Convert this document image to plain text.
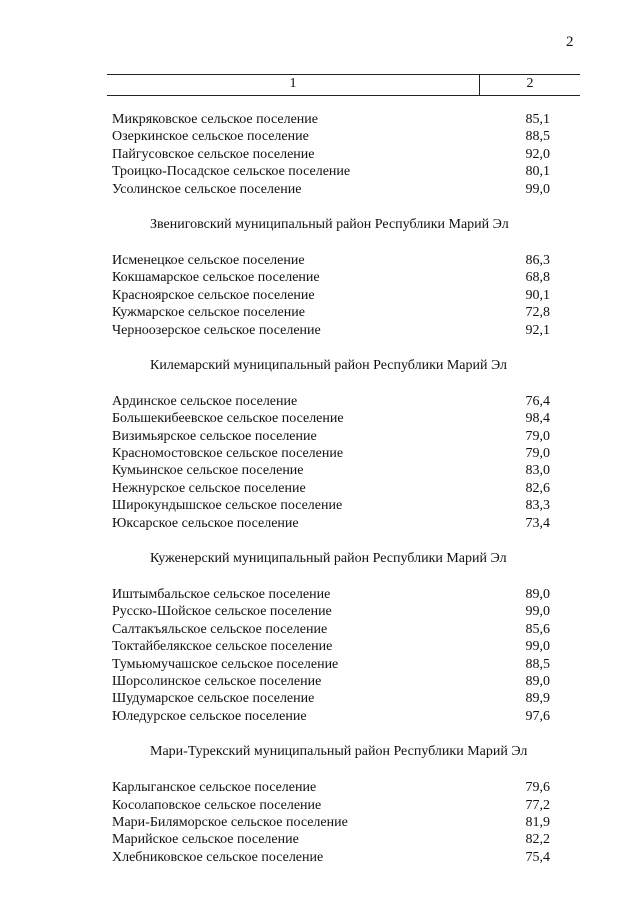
2
1	2
Микряковское сельское поселение	85,1
Озеркинское сельское поселение	88,5
Пайгусовское сельское поселение	92,0
Троицко-Посадское сельское поселение	80,1
Усолинское сельское поселение	99,0
Звениговский муниципальный район Республики Марий Эл
Исменецкое сельское поселение	86,3
Кокшамарское сельское поселение	68,8
Красноярское сельское поселение	90,1
Кужмарское сельское поселение	72,8
Черноозерское сельское поселение	92,1
Килемарский муниципальный район Республики Марий Эл
Ардинское сельское поселение	76,4
Большекибеевское сельское поселение	98,4
Визимьярское сельское поселение	79,0
Красномостовское сельское поселение	79,0
Кумьинское сельское поселение	83,0
Нежнурское сельское поселение	82,6
Широкундышское сельское поселение	83,3
Юксарское сельское поселение	73,4
Куженерский муниципальный район Республики Марий Эл
Иштымбальское сельское поселение	89,0
Русско-Шойское сельское поселение	99,0
Салтакъяльское сельское поселение	85,6
Токтайбелякское сельское поселение	99,0
Тумьюмучашское сельское поселение	88,5
Шорсолинское сельское поселение	89,0
Шудумарское сельское поселение	89,9
Юледурское сельское поселение	97,6
Мари-Турекский муниципальный район Республики Марий Эл
Карлыганское сельское поселение	79,6
Косолаповское сельское поселение	77,2
Мари-Биляморское сельское поселение	81,9
Марийское сельское поселение	82,2
Хлебниковское сельское поселение	75,4
